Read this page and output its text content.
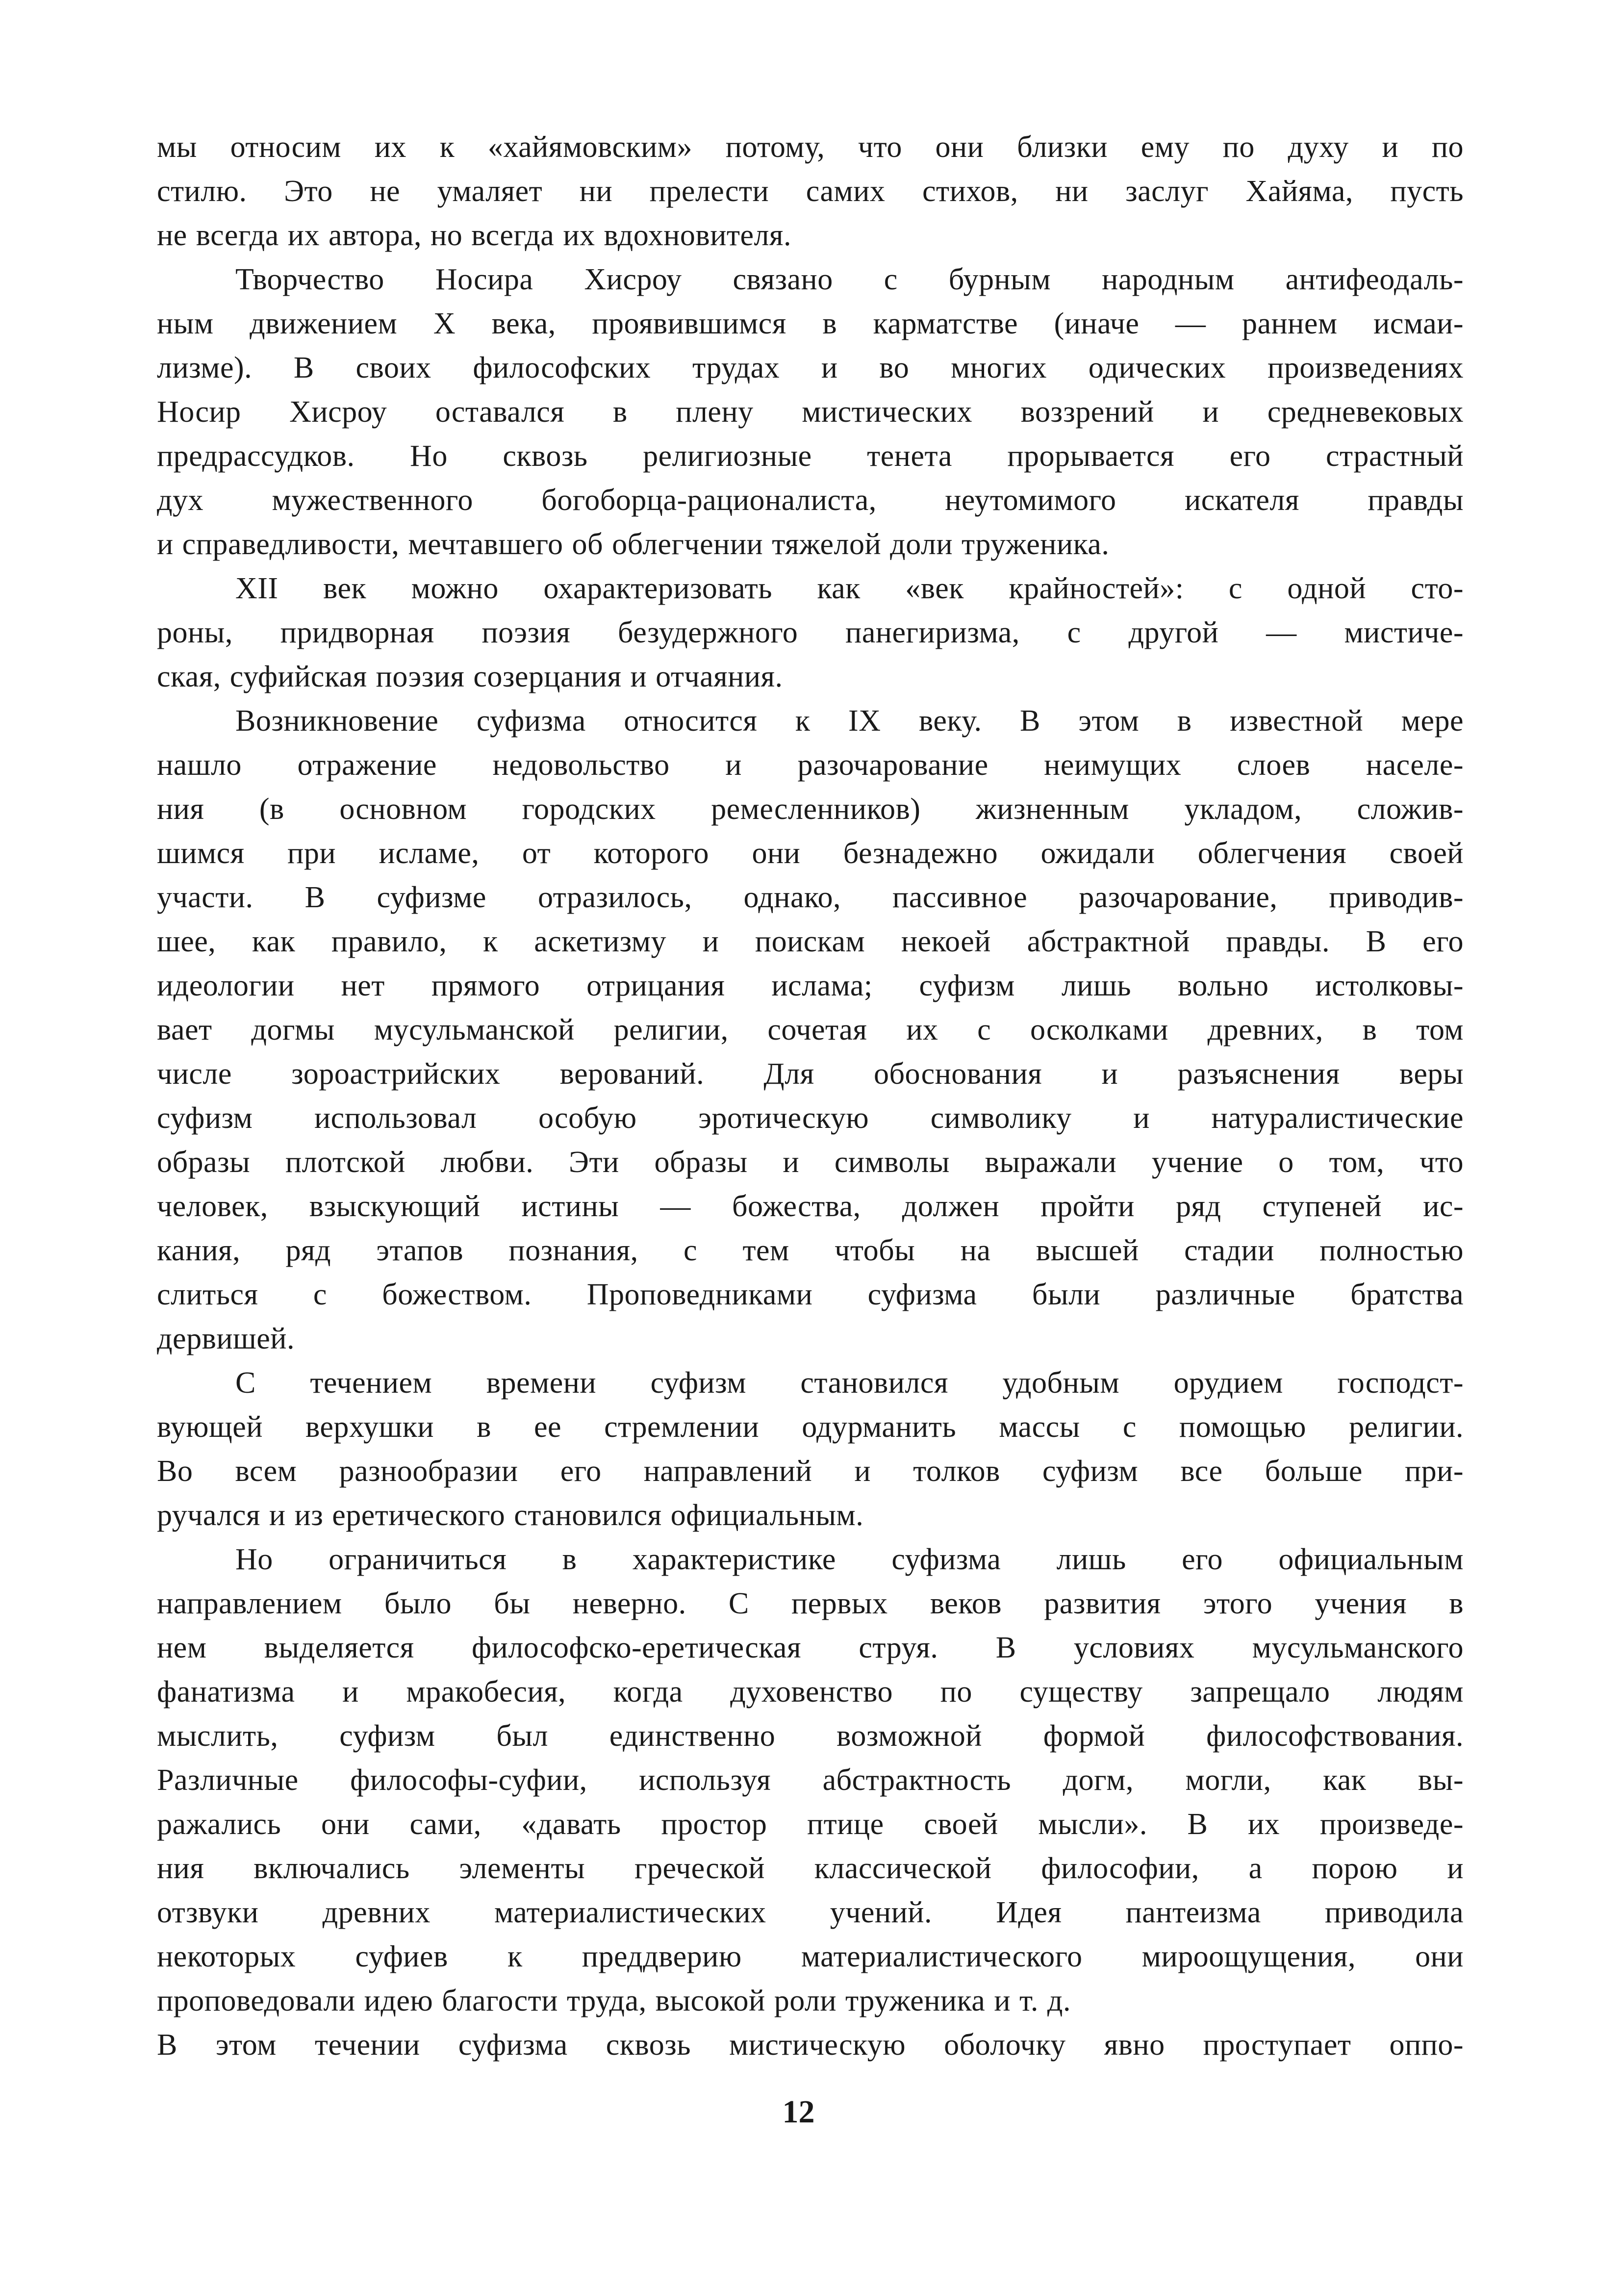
мы относим их к «хайямовским» потому, что они близки ему по духу и по
стилю. Это не умаляет ни прелести самих стихов, ни заслуг Хайяма, пусть
не всегда их автора, но всегда их вдохновителя.
Творчество Носира Хисроу связано с бурным народным антифеодаль-
ным движением X века, проявившимся в карматстве (иначе — раннем исмаи-
лизме). В своих философских трудах и во многих одических произведениях
Носир Хисроу оставался в плену мистических воззрений и средневековых
предрассудков. Но сквозь религиозные тенета прорывается его страстный
дух мужественного богоборца-рационалиста, неутомимого искателя правды
и справедливости, мечтавшего об облегчении тяжелой доли труженика.
XII век можно охарактеризовать как «век крайностей»: с одной сто-
роны, придворная поэзия безудержного панегиризма, с другой — мистиче-
ская, суфийская поэзия созерцания и отчаяния.
Возникновение суфизма относится к IX веку. В этом в известной мере
нашло отражение недовольство и разочарование неимущих слоев населе-
ния (в основном городских ремесленников) жизненным укладом, сложив-
шимся при исламе, от которого они безнадежно ожидали облегчения своей
участи. В суфизме отразилось, однако, пассивное разочарование, приводив-
шее, как правило, к аскетизму и поискам некоей абстрактной правды. В его
идеологии нет прямого отрицания ислама; суфизм лишь вольно истолковы-
вает догмы мусульманской религии, сочетая их с осколками древних, в том
числе зороастрийских верований. Для обоснования и разъяснения веры
суфизм использовал особую эротическую символику и натуралистические
образы плотской любви. Эти образы и символы выражали учение о том, что
человек, взыскующий истины — божества, должен пройти ряд ступеней ис-
кания, ряд этапов познания, с тем чтобы на высшей стадии полностью
слиться с божеством. Проповедниками суфизма были различные братства
дервишей.
С течением времени суфизм становился удобным орудием господст-
вующей верхушки в ее стремлении одурманить массы с помощью религии.
Во всем разнообразии его направлений и толков суфизм все больше при-
ручался и из еретического становился официальным.
Но ограничиться в характеристике суфизма лишь его официальным
направлением было бы неверно. С первых веков развития этого учения в
нем выделяется философско-еретическая струя. В условиях мусульманского
фанатизма и мракобесия, когда духовенство по существу запрещало людям
мыслить, суфизм был единственно возможной формой философствования.
Различные философы-суфии, используя абстрактность догм, могли, как вы-
ражались они сами, «давать простор птице своей мысли». В их произведе-
ния включались элементы греческой классической философии, а порою и
отзвуки древних материалистических учений. Идея пантеизма приводила
некоторых суфиев к преддверию материалистического мироощущения, они
проповедовали идею благости труда, высокой роли труженика и т. д.
В этом течении суфизма сквозь мистическую оболочку явно проступает оппо-
12
